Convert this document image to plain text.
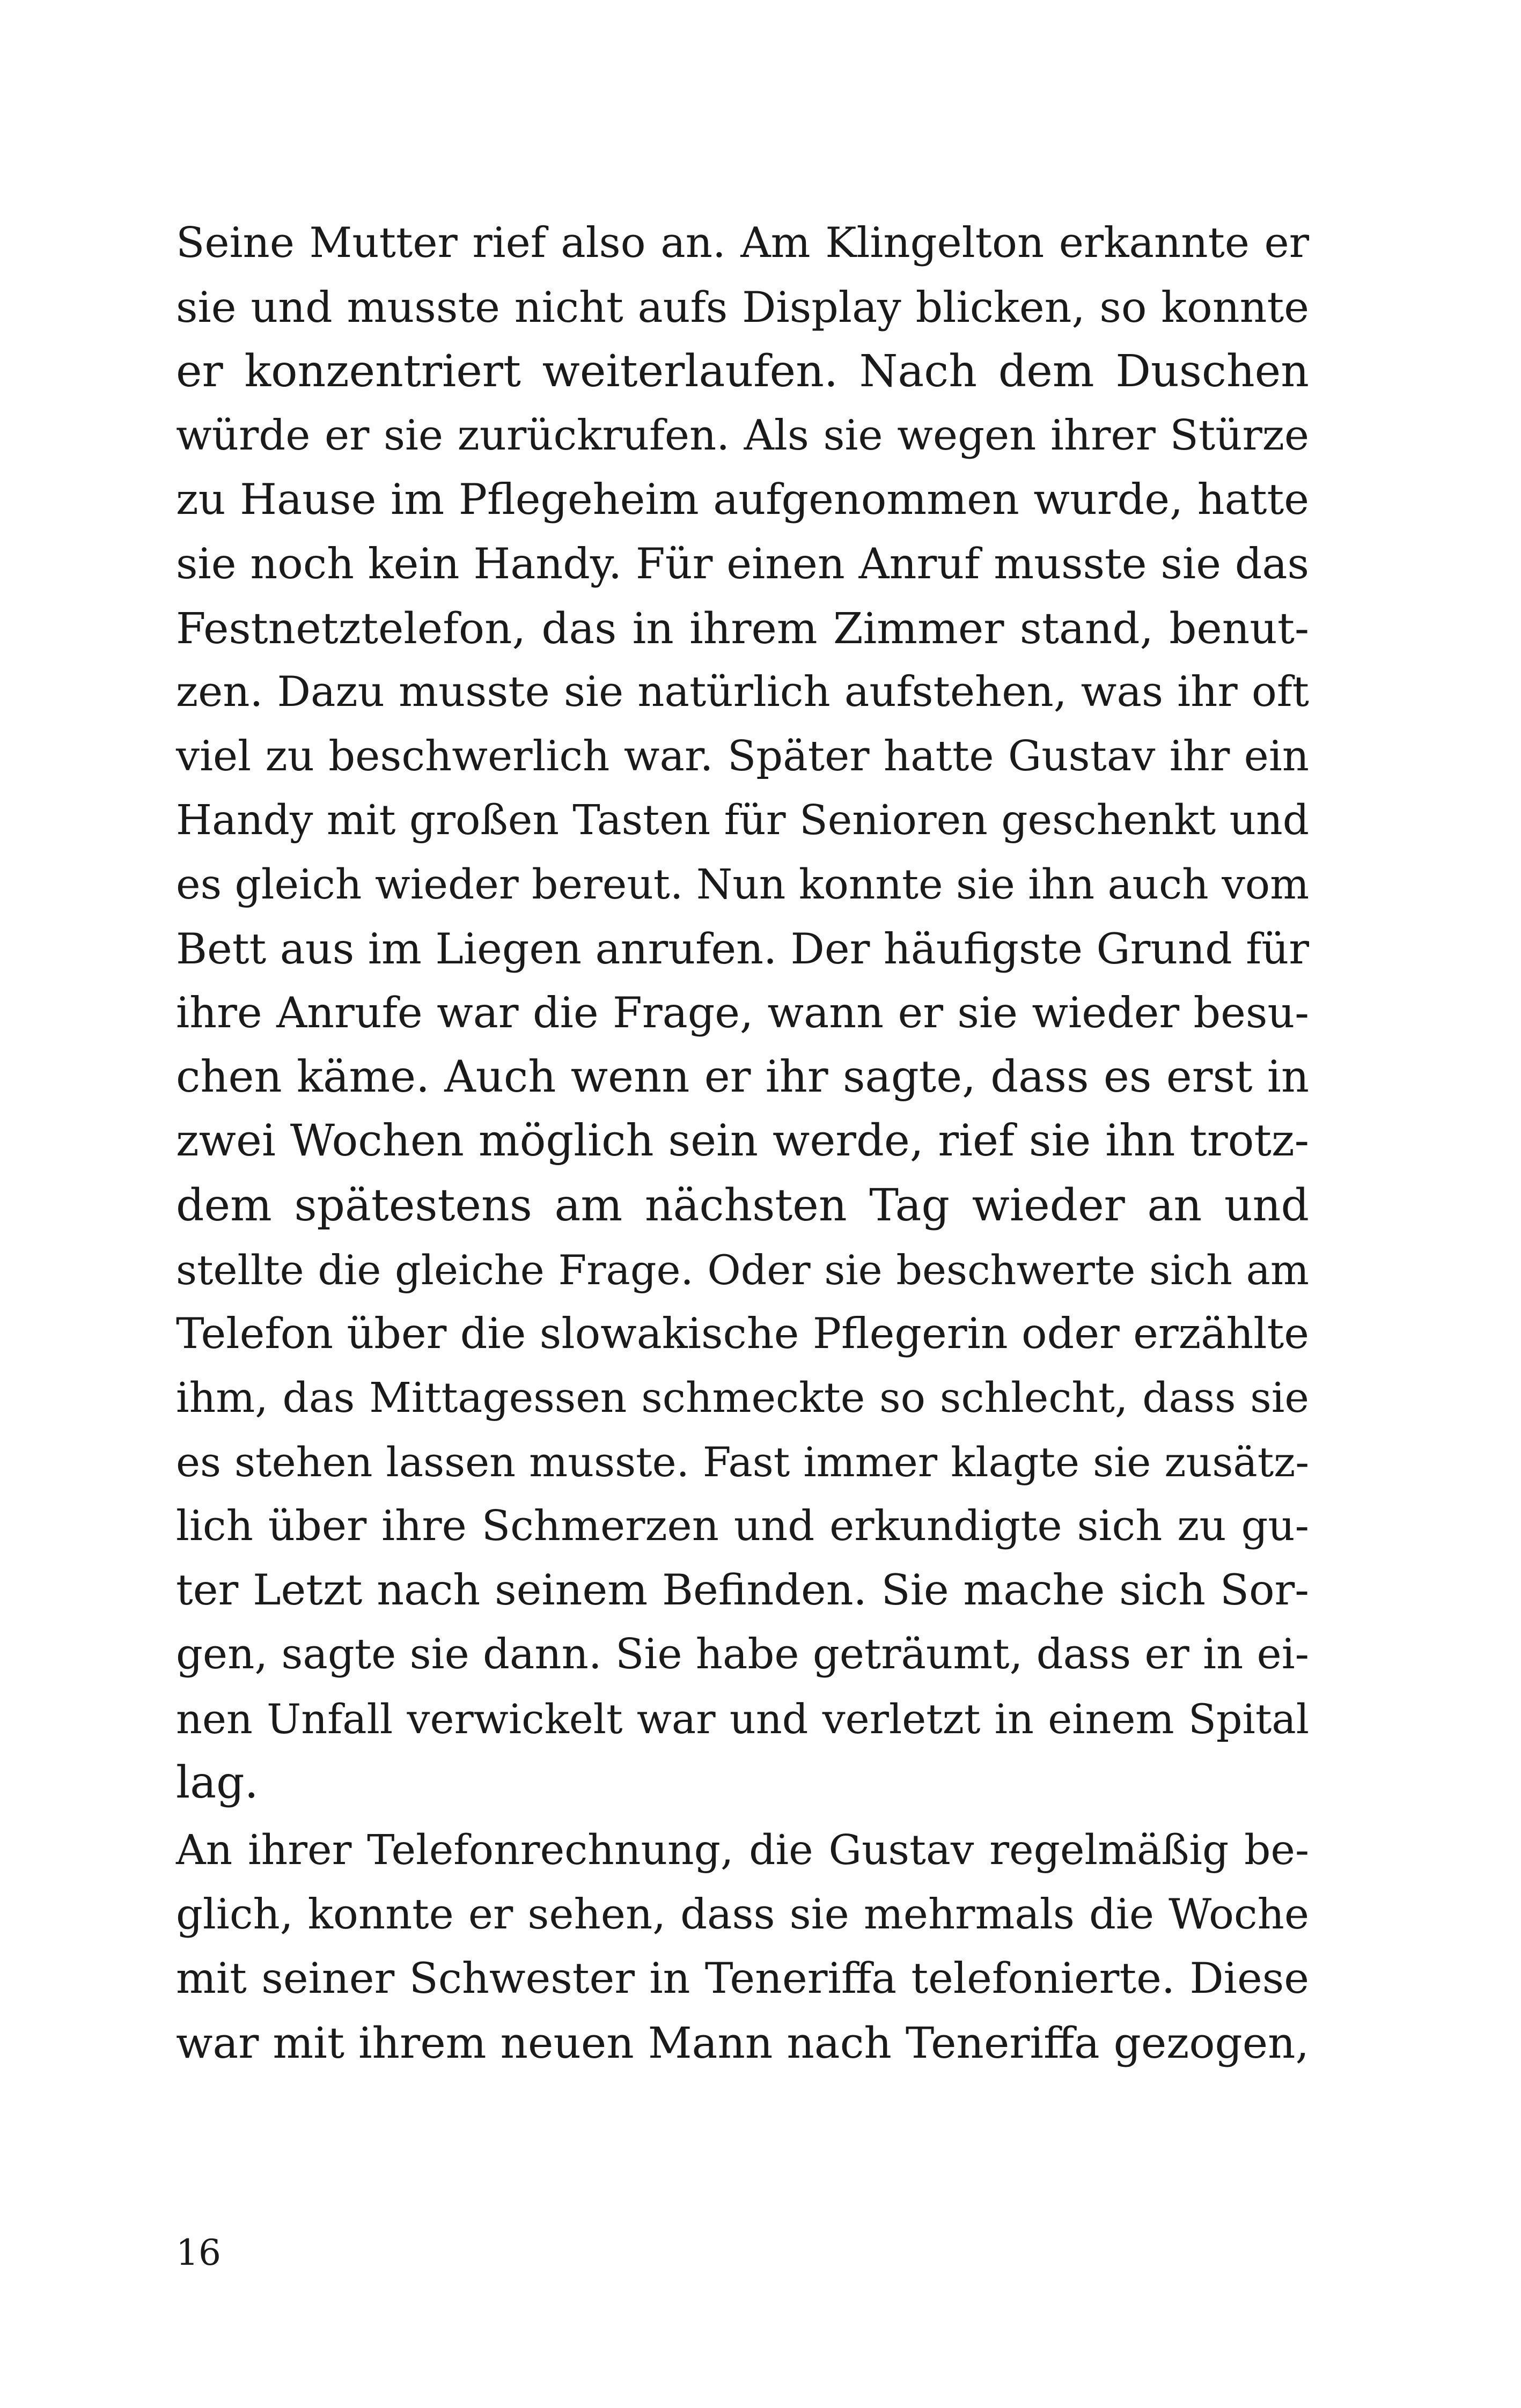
Seine Mutter rief also an. Am Klingelton erkannte er
sie und musste nicht aufs Display blicken, so konnte
er konzentriert weiterlaufen. Nach dem Duschen
würde er sie zurückrufen. Als sie wegen ihrer Stürze
zu Hause im Pflegeheim aufgenommen wurde, hatte
sie noch kein Handy. Für einen Anruf musste sie das
Festnetztelefon, das in ihrem Zimmer stand, benut-
zen. Dazu musste sie natürlich aufstehen, was ihr oft
viel zu beschwerlich war. Später hatte Gustav ihr ein
Handy mit großen Tasten für Senioren geschenkt und
es gleich wieder bereut. Nun konnte sie ihn auch vom
Bett aus im Liegen anrufen. Der häufigste Grund für
ihre Anrufe war die Frage, wann er sie wieder besu-
chen käme. Auch wenn er ihr sagte, dass es erst in
zwei Wochen möglich sein werde, rief sie ihn trotz-
dem spätestens am nächsten Tag wieder an und
stellte die gleiche Frage. Oder sie beschwerte sich am
Telefon über die slowakische Pflegerin oder erzählte
ihm, das Mittagessen schmeckte so schlecht, dass sie
es stehen lassen musste. Fast immer klagte sie zusätz-
lich über ihre Schmerzen und erkundigte sich zu gu-
ter Letzt nach seinem Befinden. Sie mache sich Sor-
gen, sagte sie dann. Sie habe geträumt, dass er in ei-
nen Unfall verwickelt war und verletzt in einem Spital
lag.
An ihrer Telefonrechnung, die Gustav regelmäßig be-
glich, konnte er sehen, dass sie mehrmals die Woche
mit seiner Schwester in Teneriffa telefonierte. Diese
war mit ihrem neuen Mann nach Teneriffa gezogen,
16
